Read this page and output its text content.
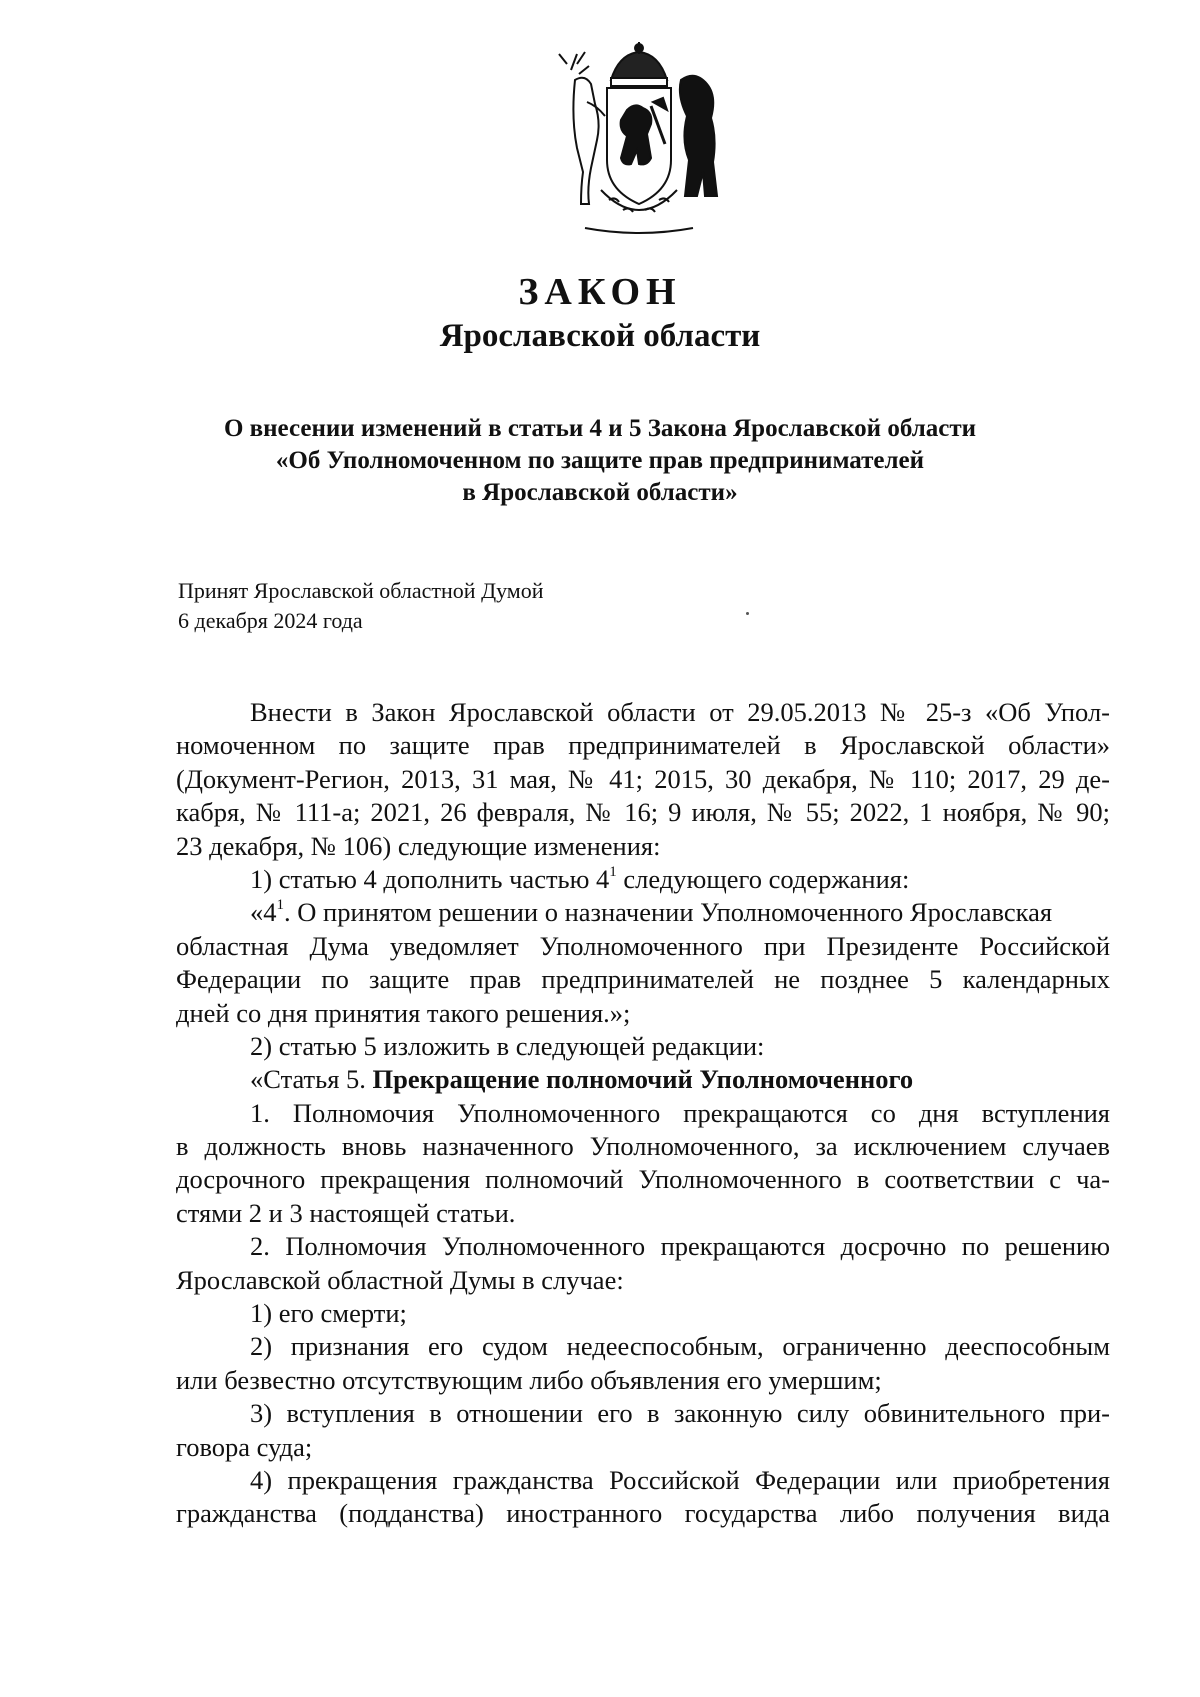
ЗАКОН
Ярославской области
О внесении изменений в статьи 4 и 5 Закона Ярославской области
«Об Уполномоченном по защите прав предпринимателей
в Ярославской области»
Принят Ярославской областной Думой
6 декабря 2024 года
Внести в Закон Ярославской области от 29.05.2013 № 25-з «Об Упол-
номоченном по защите прав предпринимателей в Ярославской области»
(Документ-Регион, 2013, 31 мая, № 41; 2015, 30 декабря, № 110; 2017, 29 де-
кабря, № 111-а; 2021, 26 февраля, № 16; 9 июля, № 55; 2022, 1 ноября, № 90;
23 декабря, № 106) следующие изменения:
1) статью 4 дополнить частью $4^1$ следующего содержания:
«$4^1$. О принятом решении о назначении Уполномоченного Ярославская
областная Дума уведомляет Уполномоченного при Президенте Российской
Федерации по защите прав предпринимателей не позднее 5 календарных
дней со дня принятия такого решения.»;
2) статью 5 изложить в следующей редакции:
«Статья 5. Прекращение полномочий Уполномоченного
1. Полномочия Уполномоченного прекращаются со дня вступления
в должность вновь назначенного Уполномоченного, за исключением случаев
досрочного прекращения полномочий Уполномоченного в соответствии с ча-
стями 2 и 3 настоящей статьи.
2. Полномочия Уполномоченного прекращаются досрочно по решению
Ярославской областной Думы в случае:
1) его смерти;
2) признания его судом недееспособным, ограниченно дееспособным
или безвестно отсутствующим либо объявления его умершим;
3) вступления в отношении его в законную силу обвинительного при-
говора суда;
4) прекращения гражданства Российской Федерации или приобретения
гражданства (подданства) иностранного государства либо получения вида
